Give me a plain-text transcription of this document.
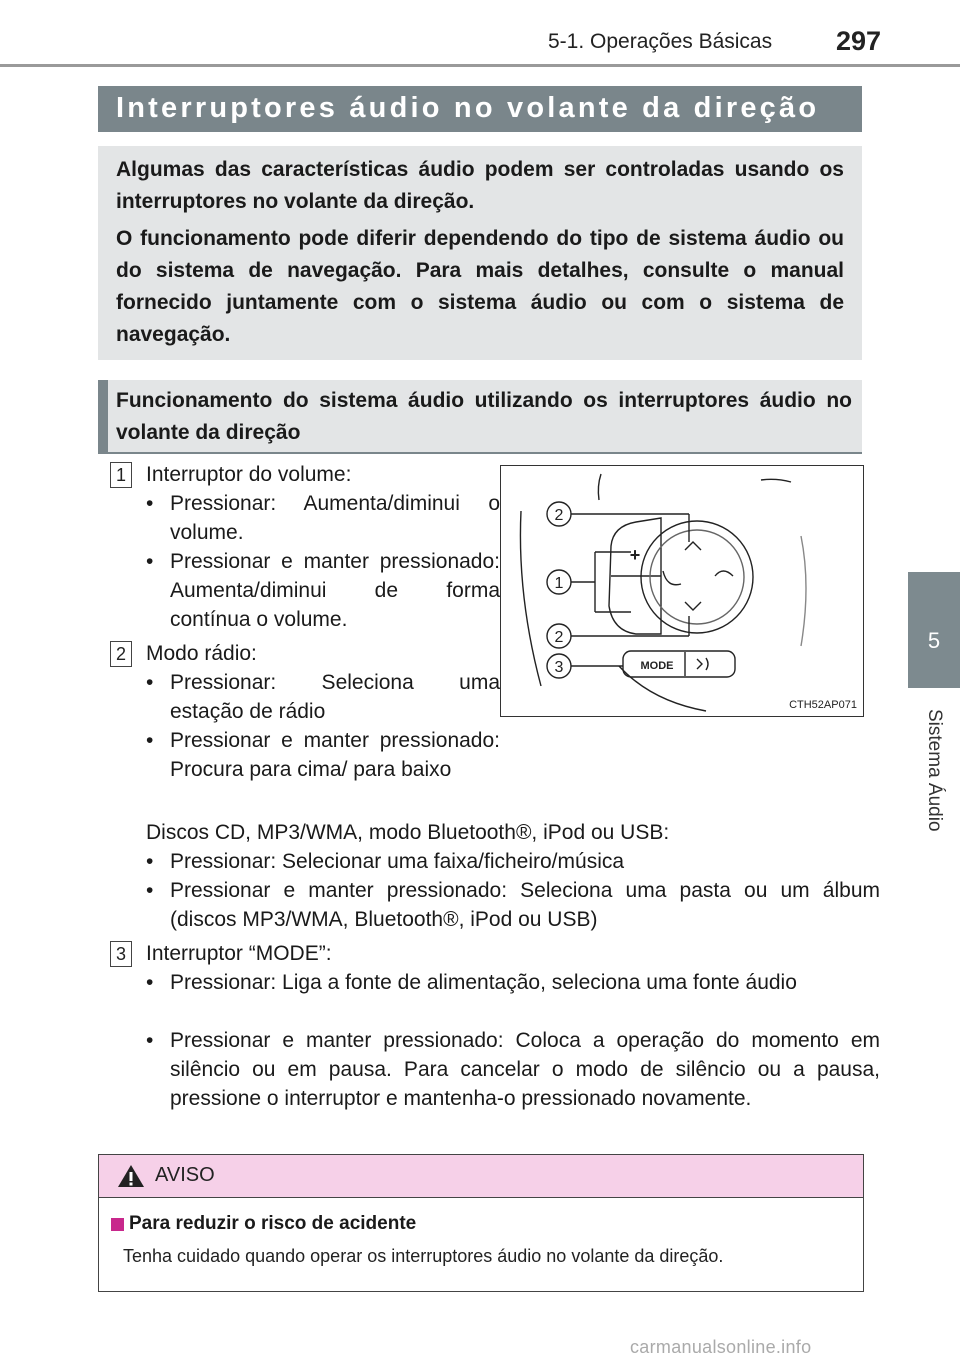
5-1. Operações Básicas 297
5
Sistema Áudio
Interruptores áudio no volante da direção

Algumas das características áudio podem ser controladas usando os interruptores no volante da direção.

O funcionamento pode diferir dependendo do tipo de sistema áudio ou do sistema de navegação. Para mais detalhes, consulte o manual fornecido juntamente com o sistema áudio ou com o sistema de navegação.

Funcionamento do sistema áudio utilizando os interruptores áudio no volante da direção

1 Interruptor do volume:
• Pressionar: Aumenta/diminui o volume.
• Pressionar e manter pressionado: Aumenta/diminui de forma contínua o volume.
2 Modo rádio:
• Pressionar: Seleciona uma estação de rádio
• Pressionar e manter pressionado: Procura para cima/ para baixo
Discos CD, MP3/WMA, modo Bluetooth®, iPod ou USB:
• Pressionar: Selecionar uma faixa/ficheiro/música
• Pressionar e manter pressionado: Seleciona uma pasta ou um álbum (discos MP3/WMA, Bluetooth®, iPod ou USB)
3 Interruptor “MODE”:
• Pressionar: Liga a fonte de alimentação, seleciona uma fonte áudio
• Pressionar e manter pressionado: Coloca a operação do momento em silêncio ou em pausa. Para cancelar o modo de silêncio ou a pausa, pressione o interruptor e mantenha-o pressionado novamente.
2
1
2
3
+
MODE
CTH52AP071
AVISO
Para reduzir o risco de acidente
Tenha cuidado quando operar os interruptores áudio no volante da direção.
carmanualsonline.info
